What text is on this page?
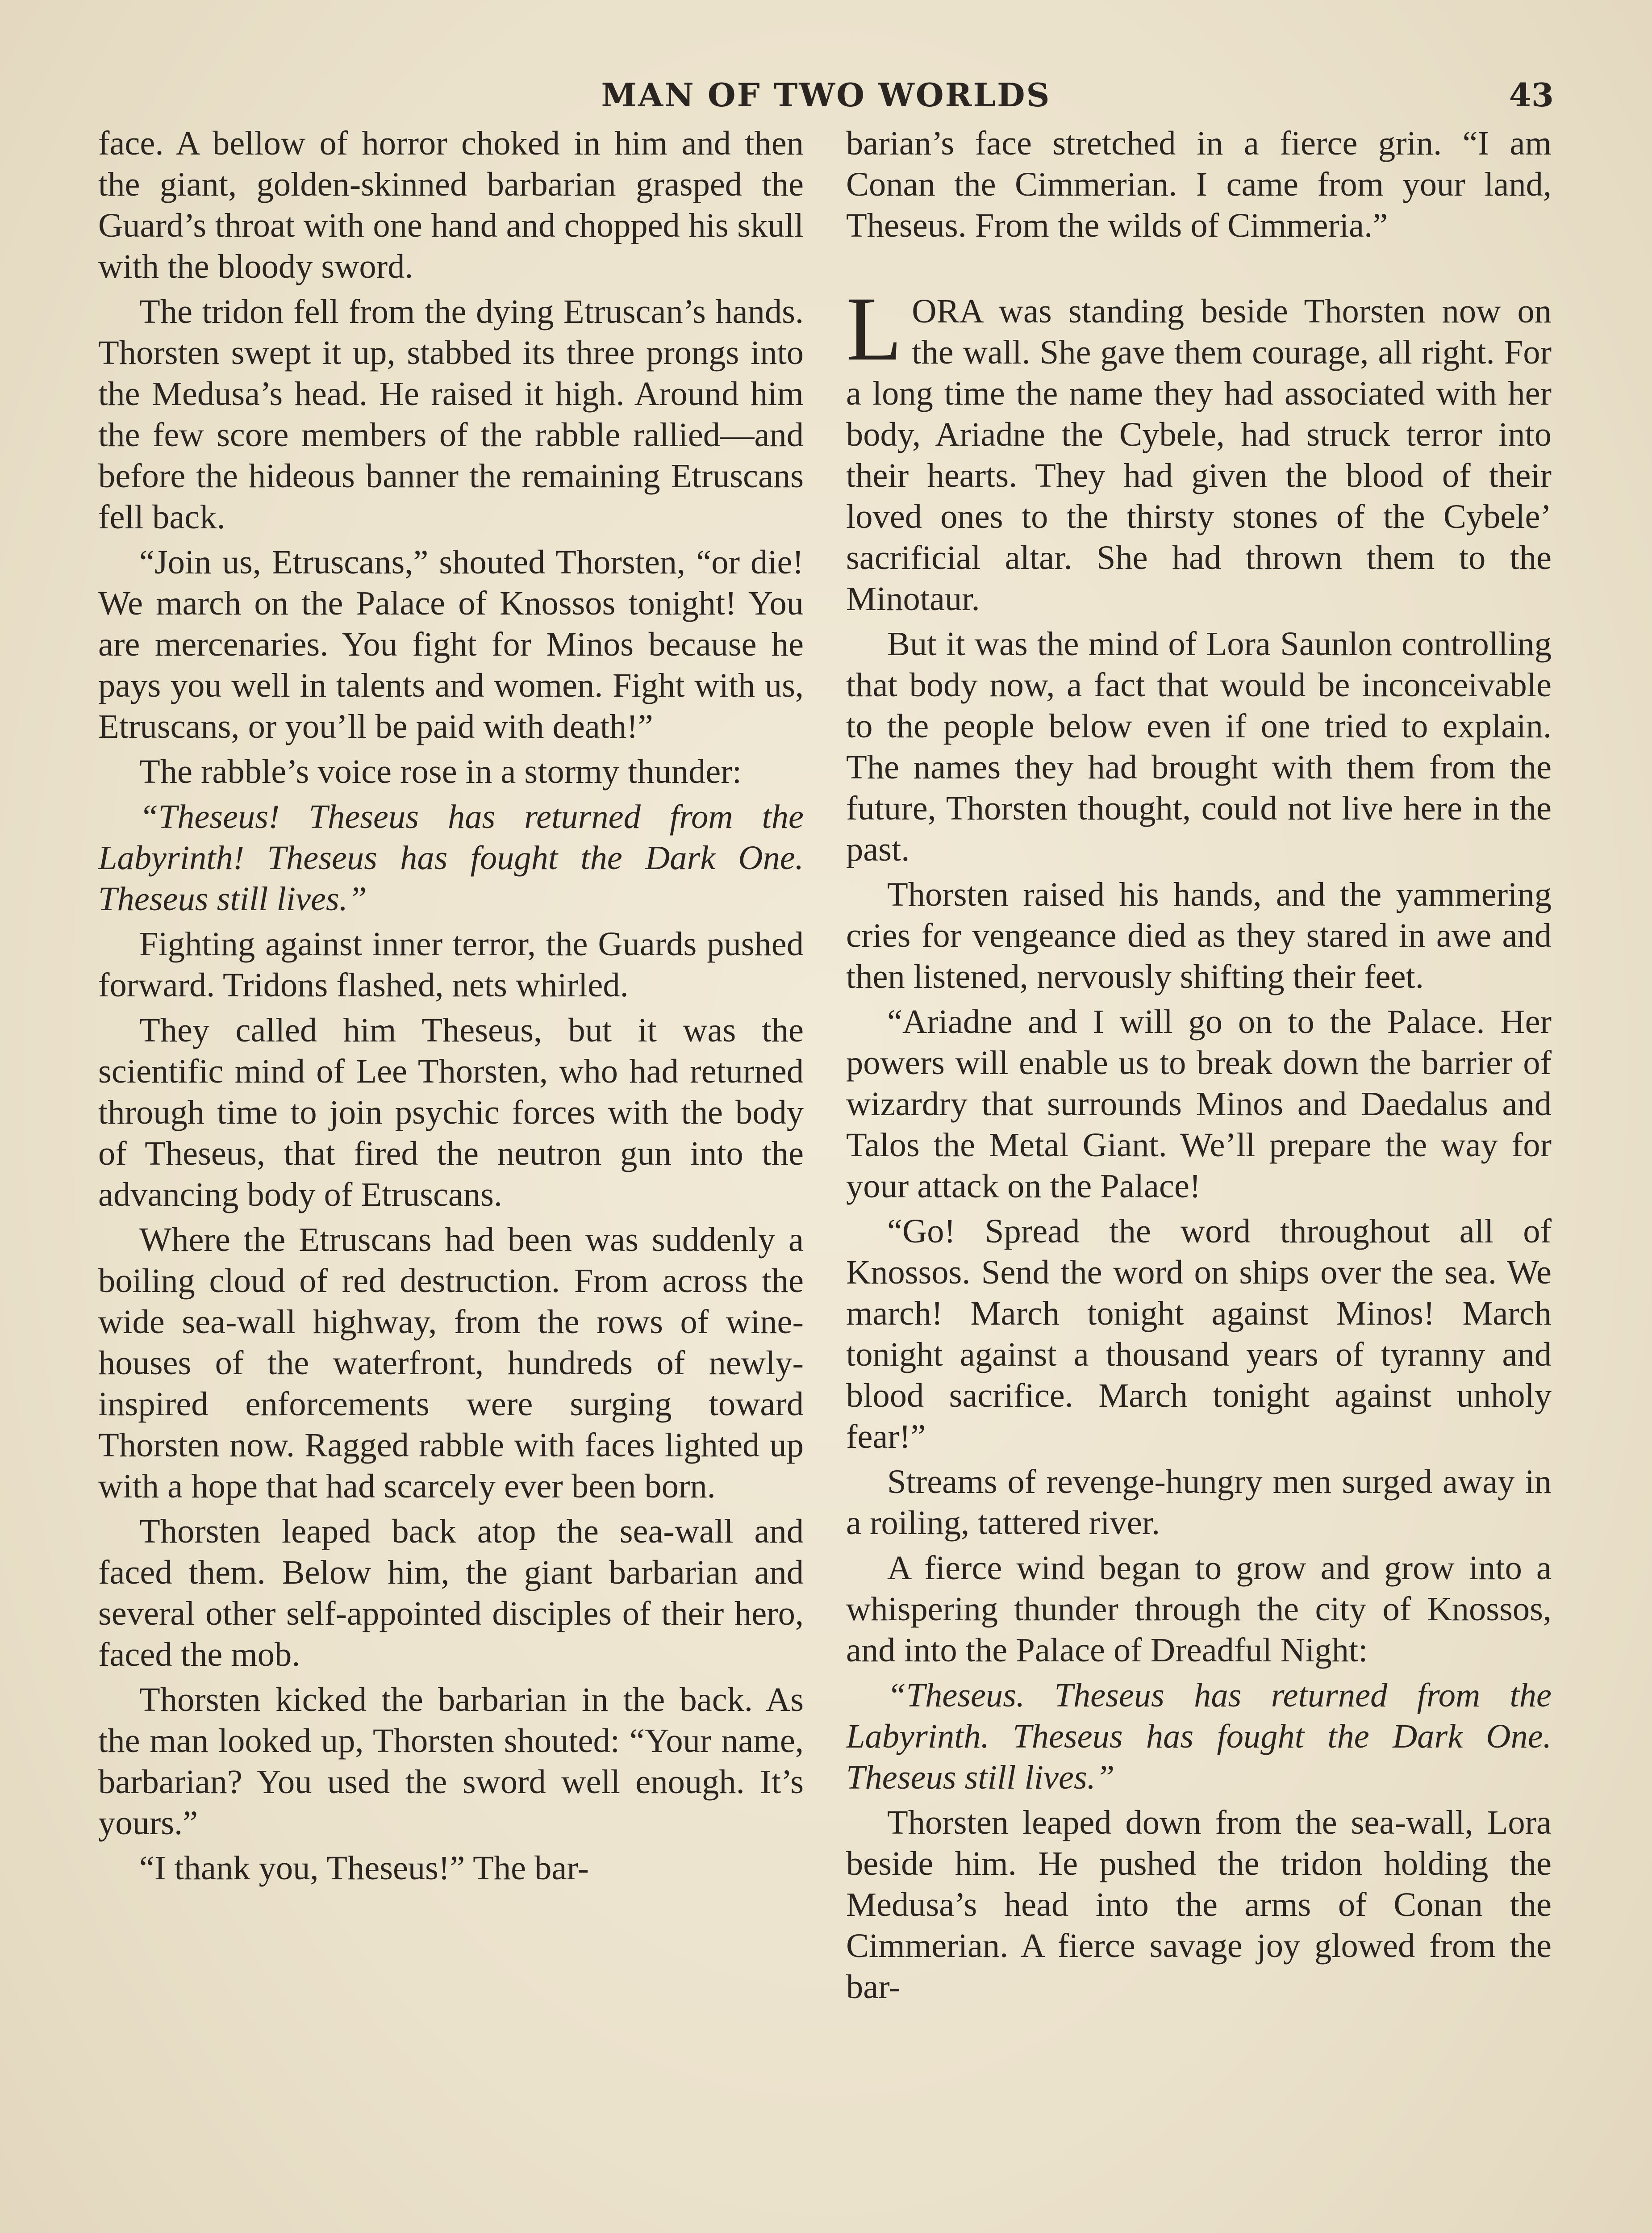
MAN OF TWO WORLDS	43

face. A bellow of horror choked in him and then the giant, golden-skinned barbarian grasped the Guard’s throat with one hand and chopped his skull with the bloody sword.

The tridon fell from the dying Etruscan’s hands. Thorsten swept it up, stabbed its three prongs into the Medusa’s head. He raised it high. Around him the few score members of the rabble rallied—and before the hideous banner the remaining Etruscans fell back.

“Join us, Etruscans,” shouted Thorsten, “or die! We march on the Palace of Knossos tonight! You are mercenaries. You fight for Minos because he pays you well in talents and women. Fight with us, Etruscans, or you’ll be paid with death!”

The rabble’s voice rose in a stormy thunder:

“Theseus! Theseus has returned from the Labyrinth! Theseus has fought the Dark One. Theseus still lives.”

Fighting against inner terror, the Guards pushed forward. Tridons flashed, nets whirled.

They called him Theseus, but it was the scientific mind of Lee Thorsten, who had returned through time to join psychic forces with the body of Theseus, that fired the neutron gun into the advancing body of Etruscans.

Where the Etruscans had been was suddenly a boiling cloud of red destruction. From across the wide sea-wall highway, from the rows of wine-houses of the waterfront, hundreds of newly-inspired enforcements were surging toward Thorsten now. Ragged rabble with faces lighted up with a hope that had scarcely ever been born.

Thorsten leaped back atop the sea-wall and faced them. Below him, the giant barbarian and several other self-appointed disciples of their hero, faced the mob.

Thorsten kicked the barbarian in the back. As the man looked up, Thorsten shouted: “Your name, barbarian? You used the sword well enough. It’s yours.”

“I thank you, Theseus!” The bar-

barian’s face stretched in a fierce grin. “I am Conan the Cimmerian. I came from your land, Theseus. From the wilds of Cimmeria.”

LORA was standing beside Thorsten now on the wall. She gave them courage, all right. For a long time the name they had associated with her body, Ariadne the Cybele, had struck terror into their hearts. They had given the blood of their loved ones to the thirsty stones of the Cybele’ sacrificial altar. She had thrown them to the Minotaur.

But it was the mind of Lora Saunlon controlling that body now, a fact that would be inconceivable to the people below even if one tried to explain. The names they had brought with them from the future, Thorsten thought, could not live here in the past.

Thorsten raised his hands, and the yammering cries for vengeance died as they stared in awe and then listened, nervously shifting their feet.

“Ariadne and I will go on to the Palace. Her powers will enable us to break down the barrier of wizardry that surrounds Minos and Daedalus and Talos the Metal Giant. We’ll prepare the way for your attack on the Palace!

“Go! Spread the word throughout all of Knossos. Send the word on ships over the sea. We march! March tonight against Minos! March tonight against a thousand years of tyranny and blood sacrifice. March tonight against unholy fear!”

Streams of revenge-hungry men surged away in a roiling, tattered river.

A fierce wind began to grow and grow into a whispering thunder through the city of Knossos, and into the Palace of Dreadful Night:

“Theseus. Theseus has returned from the Labyrinth. Theseus has fought the Dark One. Theseus still lives.”

Thorsten leaped down from the sea-wall, Lora beside him. He pushed the tridon holding the Medusa’s head into the arms of Conan the Cimmerian. A fierce savage joy glowed from the bar-
